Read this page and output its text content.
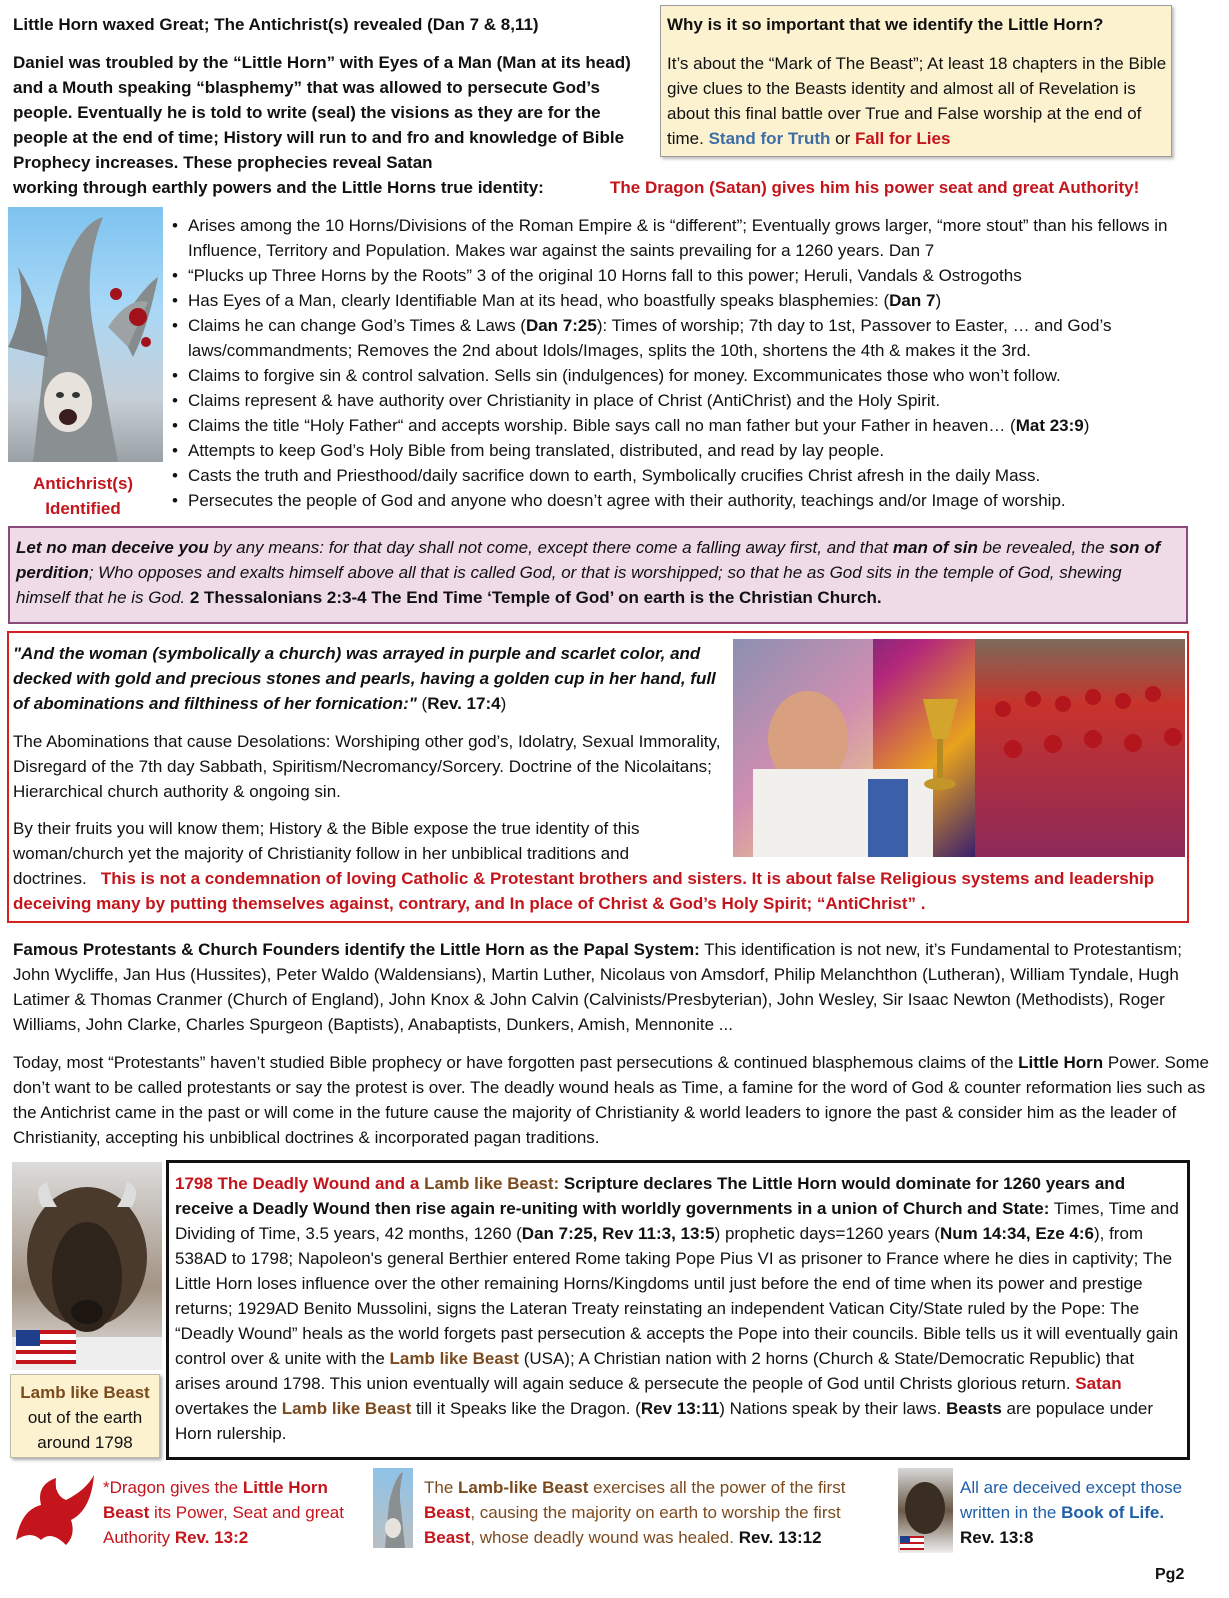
Little Horn waxed Great; The Antichrist(s) revealed (Dan 7 & 8,11)
Daniel was troubled by the “Little Horn” with Eyes of a Man (Man at its head) and a Mouth speaking “blasphemy” that was allowed to persecute God’s people. Eventually he is told to write (seal) the visions as they are for the people at the end of time; History will run to and fro and knowledge of Bible Prophecy increases. These prophecies reveal Satan
working through earthly powers and the Little Horns true identity:	The Dragon (Satan) gives him his power seat and great Authority!
Why is it so important that we identify the Little Horn?
It’s about the “Mark of The Beast”; At least 18 chapters in the Bible give clues to the Beasts identity and almost all of Revelation is about this final battle over True and False worship at the end of time. Stand for Truth or Fall for Lies
Antichrist(s)
Identified
• Arises among the 10 Horns/Divisions of the Roman Empire & is “different”; Eventually grows larger, “more stout” than his fellows in Influence, Territory and Population. Makes war against the saints prevailing for a 1260 years. Dan 7
• “Plucks up Three Horns by the Roots” 3 of the original 10 Horns fall to this power; Heruli, Vandals & Ostrogoths
• Has Eyes of a Man, clearly Identifiable Man at its head, who boastfully speaks blasphemies: (Dan 7)
• Claims he can change God’s Times & Laws (Dan 7:25): Times of worship; 7th day to 1st, Passover to Easter, … and God’s laws/commandments; Removes the 2nd about Idols/Images, splits the 10th, shortens the 4th & makes it the 3rd.
• Claims to forgive sin & control salvation. Sells sin (indulgences) for money. Excommunicates those who won’t follow.
• Claims represent & have authority over Christianity in place of Christ (AntiChrist) and the Holy Spirit.
• Claims the title “Holy Father“ and accepts worship. Bible says call no man father but your Father in heaven… (Mat 23:9)
• Attempts to keep God’s Holy Bible from being translated, distributed, and read by lay people.
• Casts the truth and Priesthood/daily sacrifice down to earth, Symbolically crucifies Christ afresh in the daily Mass.
• Persecutes the people of God and anyone who doesn’t agree with their authority, teachings and/or Image of worship.
Let no man deceive you by any means: for that day shall not come, except there come a falling away first, and that man of sin be revealed, the son of perdition; Who opposes and exalts himself above all that is called God, or that is worshipped; so that he as God sits in the temple of God, shewing himself that he is God. 2 Thessalonians 2:3-4 The End Time ‘Temple of God’ on earth is the Christian Church.
"And the woman (symbolically a church) was arrayed in purple and scarlet color, and decked with gold and precious stones and pearls, having a golden cup in her hand, full of abominations and filthiness of her fornication:" (Rev. 17:4)
The Abominations that cause Desolations: Worshiping other god’s, Idolatry, Sexual Immorality, Disregard of the 7th day Sabbath, Spiritism/Necromancy/Sorcery. Doctrine of the Nicolaitans; Hierarchical church authority & ongoing sin.
By their fruits you will know them; History & the Bible expose the true identity of this woman/church yet the majority of Christianity follow in her unbiblical traditions and
doctrines. This is not a condemnation of loving Catholic & Protestant brothers and sisters. It is about false Religious systems and leadership deceiving many by putting themselves against, contrary, and In place of Christ & God’s Holy Spirit; “AntiChrist” .
Famous Protestants & Church Founders identify the Little Horn as the Papal System: This identification is not new, it’s Fundamental to Protestantism; John Wycliffe, Jan Hus (Hussites), Peter Waldo (Waldensians), Martin Luther, Nicolaus von Amsdorf, Philip Melanchthon (Lutheran), William Tyndale, Hugh Latimer & Thomas Cranmer (Church of England), John Knox & John Calvin (Calvinists/Presbyterian), John Wesley, Sir Isaac Newton (Methodists), Roger Williams, John Clarke, Charles Spurgeon (Baptists), Anabaptists, Dunkers, Amish, Mennonite ...
Today, most “Protestants” haven’t studied Bible prophecy or have forgotten past persecutions & continued blasphemous claims of the Little Horn Power. Some don’t want to be called protestants or say the protest is over. The deadly wound heals as Time, a famine for the word of God & counter reformation lies such as the Antichrist came in the past or will come in the future cause the majority of Christianity & world leaders to ignore the past & consider him as the leader of Christianity, accepting his unbiblical doctrines & incorporated pagan traditions.
Lamb like Beast
out of the earth
around 1798
1798 The Deadly Wound and a Lamb like Beast: Scripture declares The Little Horn would dominate for 1260 years and receive a Deadly Wound then rise again re-uniting with worldly governments in a union of Church and State: Times, Time and Dividing of Time, 3.5 years, 42 months, 1260 (Dan 7:25, Rev 11:3, 13:5) prophetic days=1260 years (Num 14:34, Eze 4:6), from 538AD to 1798; Napoleon's general Berthier entered Rome taking Pope Pius VI as prisoner to France where he dies in captivity; The Little Horn loses influence over the other remaining Horns/Kingdoms until just before the end of time when its power and prestige returns; 1929AD Benito Mussolini, signs the Lateran Treaty reinstating an independent Vatican City/State ruled by the Pope: The “Deadly Wound” heals as the world forgets past persecution & accepts the Pope into their councils. Bible tells us it will eventually gain control over & unite with the Lamb like Beast (USA); A Christian nation with 2 horns (Church & State/Democratic Republic) that arises around 1798. This union eventually will again seduce & persecute the people of God until Christs glorious return. Satan overtakes the Lamb like Beast till it Speaks like the Dragon. (Rev 13:11) Nations speak by their laws. Beasts are populace under Horn rulership.
*Dragon gives the Little Horn Beast its Power, Seat and great Authority Rev. 13:2
The Lamb-like Beast exercises all the power of the first Beast, causing the majority on earth to worship the first Beast, whose deadly wound was healed. Rev. 13:12
All are deceived except those written in the Book of Life. Rev. 13:8
Pg2
